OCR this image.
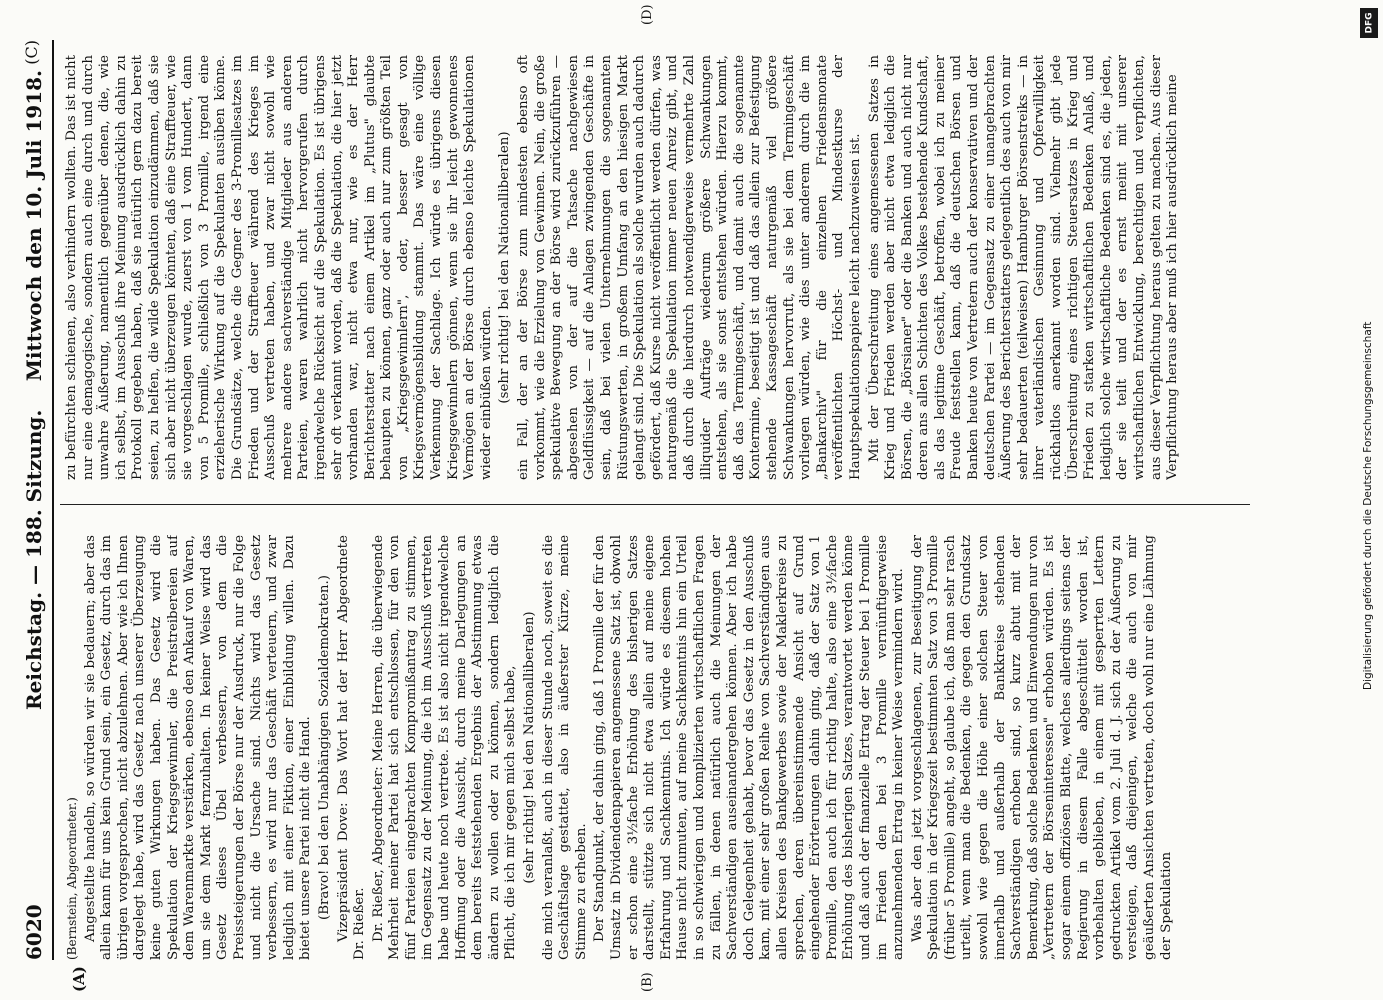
6020
Reichstag. — 188. Sitzung.
Mittwoch den 10. Juli 1918.
(C)
(A)	(B)
(D)

(Bernstein, Abgeordneter.) Angestellte handeln, so würden wir sie bedauern; aber das allein kann für uns kein Grund sein, ein Gesetz, durch das im übrigen vorgesprochen, nicht abzulehnen. Aber wie ich Ihnen dargelegt habe, wird das Gesetz nach unserer Überzeugung keine guten Wirkungen haben. Das Gesetz wird die Spekulation der Kriegsgewinnler, die Preistreibereien auf dem Warenmarkte verstärken, ebenso den Ankauf von Waren, um sie dem Markt fernzuhalten. In keiner Weise wird das Gesetz dieses Übel verbessern, von dem die Preissteigerungen der Börse nur der Ausdruck, nur die Folge und nicht die Ursache sind. Nichts wird das Gesetz verbessern, es wird nur das Geschäft verteuern, und zwar lediglich mit einer Fiktion, einer Einbildung willen. Dazu bietet unsere Partei nicht die Hand. (Bravo! bei den Unabhängigen Sozialdemokraten.) Vizepräsident Dove: Das Wort hat der Herr Abgeordnete Dr. Rießer. Dr. Rießer, Abgeordneter: Meine Herren, die überwiegende Mehrheit meiner Partei hat sich entschlossen, für den von fünf Parteien eingebrachten Kompromißantrag zu stimmen, im Gegensatz zu der Meinung, die ich im Ausschuß vertreten habe und heute noch vertrete. Es ist also nicht irgendwelche Hoffnung oder die Aussicht, durch meine Darlegungen an dem bereits feststehenden Ergebnis der Abstimmung etwas ändern zu wollen oder zu können, sondern lediglich die Pflicht, die ich mir gegen mich selbst habe, (sehr richtig! bei den Nationalliberalen) die mich veranlaßt, auch in dieser Stunde noch, soweit es die Geschäftslage gestattet, also in äußerster Kürze, meine Stimme zu erheben. Der Standpunkt, der dahin ging, daß 1 Promille der für den Umsatz in Dividendenpapieren angemessene Satz ist, obwohl er schon eine 3½fache Erhöhung des bisherigen Satzes darstellt, stützte sich nicht etwa allein auf meine eigene Erfahrung und Sachkenntnis. Ich würde es diesem hohen Hause nicht zumuten, auf meine Sachkenntnis hin ein Urteil in so schwierigen und komplizierten wirtschaftlichen Fragen zu fällen, in denen natürlich auch die Meinungen der Sachverständigen auseinandergehen können. Aber ich habe doch Gelegenheit gehabt, bevor das Gesetz in den Ausschuß kam, mit einer sehr großen Reihe von Sachverständigen aus allen Kreisen des Bankgewerbes sowie der Maklerkreise zu sprechen, deren übereinstimmende Ansicht auf Grund eingehender Erörterungen dahin ging, daß der Satz von 1 Promille, den auch ich für richtig halte, also eine 3½fache Erhöhung des bisherigen Satzes, verantwortet werden könne und daß auch der finanzielle Ertrag der Steuer bei 1 Promille im Frieden den bei 3 Promille vernünftigerweise anzunehmenden Ertrag in keiner Weise vermindern wird. Was aber den jetzt vorgeschlagenen, zur Beseitigung der Spekulation in der Kriegszeit bestimmten Satz von 3 Promille (früher 5 Promille) angeht, so glaube ich, daß man sehr rasch urteilt, wenn man die Bedenken, die gegen den Grundsatz sowohl wie gegen die Höhe einer solchen Steuer von innerhalb und außerhalb der Bankkreise stehenden Sachverständigen erhoben sind, so kurz abtut mit der Bemerkung, daß solche Bedenken und Einwendungen nur von „Vertretern der Börseninteressen" erhoben würden. Es ist sogar einem offiziösen Blatte, welches allerdings seitens der Regierung in diesem Falle abgeschüttelt worden ist, vorbehalten geblieben, in einem mit gesperrten Lettern gedruckten Artikel vom 2. Juli d. J. sich zu der Äußerung zu versteigen, daß diejenigen, welche die auch von mir geäußerten Ansichten vertreten, doch wohl nur eine Lähmung der Spekulation

zu befürchten schienen, also verhindern wollten. Das ist nicht nur eine demagogische, sondern auch eine durch und durch unwahre Äußerung, namentlich gegenüber denen, die, wie ich selbst, im Ausschuß ihre Meinung ausdrücklich dahin zu Protokoll gegeben haben, daß sie natürlich gern dazu bereit seien, zu helfen, die wilde Spekulation einzudämmen, daß sie sich aber nicht überzeugen könnten, daß eine Straffteuer, wie sie vorgeschlagen wurde, zuerst von 1 vom Hundert, dann von 5 Promille, schließlich von 3 Promille, irgend eine erzieherische Wirkung auf die Spekulanten ausüben könne. Die Grundsätze, welche die Gegner des 3-Promillesatzes im Frieden und der Straffteuer während des Krieges im Ausschuß vertreten haben, und zwar nicht sowohl wie mehrere andere sachverständige Mitglieder aus anderen Parteien, waren wahrlich nicht hervorgerufen durch irgendwelche Rücksicht auf die Spekulation. Es ist übrigens sehr oft verkannt worden, daß die Spekulation, die hier jetzt vorhanden war, nicht etwa nur, wie es der Herr Berichterstatter nach einem Artikel im „Plutus" glaubte behaupten zu können, ganz oder auch nur zum größten Teil von „Kriegsgewinnlern", oder, besser gesagt von Kriegsvermögensbildung stammt. Das wäre eine völlige Verkennung der Sachlage. Ich würde es übrigens diesen Kriegsgewinnlern gönnen, wenn sie ihr leicht gewonnenes Vermögen an der Börse durch ebenso leichte Spekulationen wieder einbüßen würden. (sehr richtig! bei den Nationalliberalen) ein Fall, der an der Börse zum mindesten ebenso oft vorkommt, wie die Erzielung von Gewinnen. Nein, die große spekulative Bewegung an der Börse wird zurückzuführen — abgesehen von der auf die Tatsache nachgewiesen Geldflüssigkeit — auf die Anlagen zwingenden Geschäfte in sein, daß bei vielen Unternehmungen die sogenannten Rüstungswerten, in großem Umfang an den hiesigen Markt gelangt sind. Die Spekulation als solche wurden auch dadurch gefördert, daß Kurse nicht veröffentlicht werden dürfen, was naturgemäß die Spekulation immer neuen Anreiz gibt, und daß durch die hierdurch notwendigerweise vermehrte Zahl illiquider Aufträge wiederum größere Schwankungen entstehen, als sie sonst entstehen würden. Hierzu kommt, daß das Termingeschäft, und damit auch die sogenannte Kontermine, beseitigt ist und daß das allein zur Befestigung stehende Kassageschäft naturgemäß viel größere Schwankungen hervorruft, als sie bei dem Termingeschäft vorliegen würden, wie dies unter anderem durch die im „Bankarchiv" für die einzelnen Friedensmonate veröffentlichten Höchst- und Mindestkurse der Hauptspekulationspapiere leicht nachzuweisen ist. Mit der Überschreitung eines angemessenen Satzes in Krieg und Frieden werden aber nicht etwa lediglich die Börsen, die „Börsianer" oder die Banken und auch nicht nur deren ans allen Schichten des Volkes bestehende Kundschaft, als das legitime Geschäft, betroffen, wobei ich zu meiner Freude feststellen kann, daß die deutschen Börsen und Banken heute von Vertretern auch der konservativen und der deutschen Partei — im Gegensatz zu einer unangebrachten Äußerung des Berichterstatters gelegentlich des auch von mir sehr bedauerten (teilweisen) Hamburger Börsenstreiks — in ihrer vaterländischen Gesinnung und Opferwilligkeit rückhaltlos anerkannt worden sind. Vielmehr gibt jede Überschreitung eines richtigen Steuersatzes in Krieg und Frieden zu starken wirtschaftlichen Bedenken Anlaß, und lediglich solche wirtschaftliche Bedenken sind es, die jeden, der sie teilt und der es ernst meint mit unserer wirtschaftlichen Entwicklung, berechtigen und verpflichten, aus dieser Verpflichtung heraus gelten zu machen. Aus dieser Verpflichtung heraus aber muß ich hier ausdrücklich meine

DFG
Digitalisierung gefördert durch die Deutsche Forschungsgemeinschaft
